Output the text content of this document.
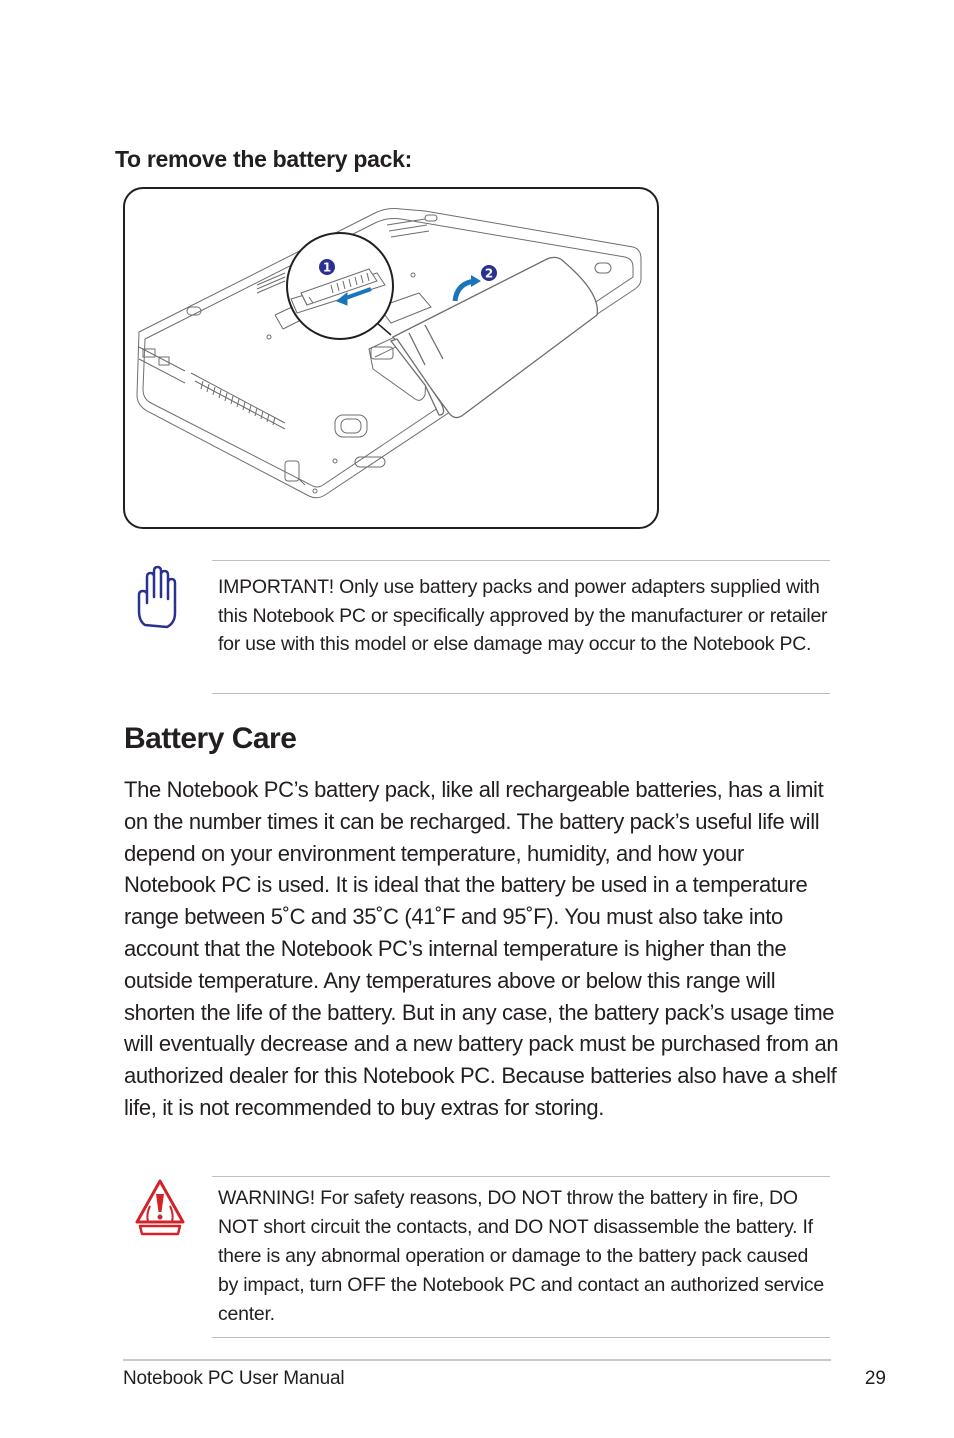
To remove the battery pack:
1	2
IMPORTANT! Only use battery packs and power adapters supplied with this Notebook PC or specifically approved by the manufacturer or retailer for use with this model or else damage may occur to the Notebook PC.
Battery Care
The Notebook PC’s battery pack, like all rechargeable batteries, has a limit on the number times it can be recharged. The battery pack’s useful life will depend on your environment temperature, humidity, and how your Notebook PC is used. It is ideal that the battery be used in a temperature range between 5˚C and 35˚C (41˚F and 95˚F). You must also take into account that the Notebook PC’s internal temperature is higher than the outside temperature. Any temperatures above or below this range will shorten the life of the battery. But in any case, the battery pack’s usage time will eventually decrease and a new battery pack must be purchased from an authorized dealer for this Notebook PC. Because batteries also have a shelf life, it is not recommended to buy extras for storing.
WARNING! For safety reasons, DO NOT throw the battery in fire, DO NOT short circuit the contacts, and DO NOT disassemble the battery. If there is any abnormal operation or damage to the battery pack caused by impact, turn OFF the Notebook PC and contact an authorized service center.
Notebook PC User Manual	29
